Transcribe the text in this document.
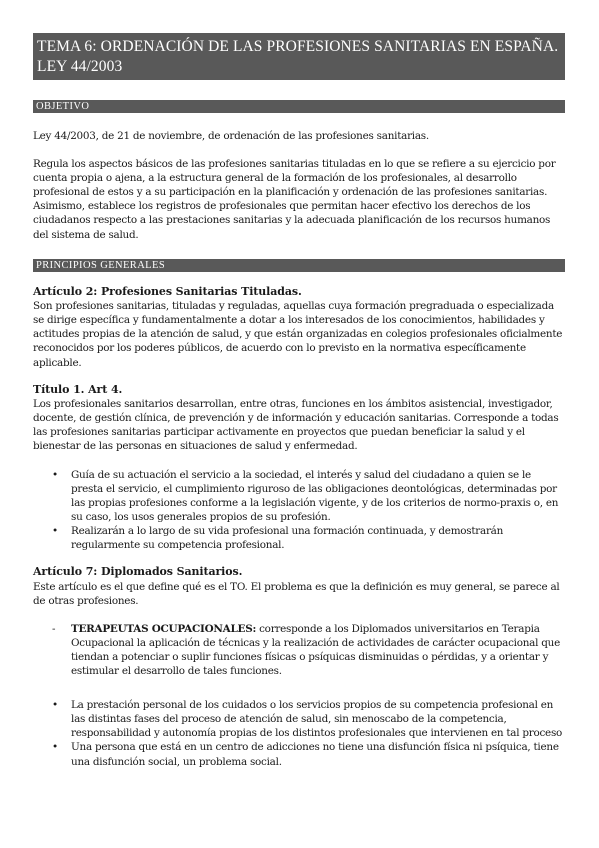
TEMA 6: ORDENACIÓN DE LAS PROFESIONES SANITARIAS EN ESPAÑA. LEY 44/2003
OBJETIVO

Ley 44/2003, de 21 de noviembre, de ordenación de las profesiones sanitarias.

Regula los aspectos básicos de las profesiones sanitarias tituladas en lo que se refiere a su ejercicio por cuenta propia o ajena, a la estructura general de la formación de los profesionales, al desarrollo profesional de estos y a su participación en la planificación y ordenación de las profesiones sanitarias. Asimismo, establece los registros de profesionales que permitan hacer efectivo los derechos de los ciudadanos respecto a las prestaciones sanitarias y la adecuada planificación de los recursos humanos del sistema de salud.

PRINCIPIOS GENERALES

Artículo 2: Profesiones Sanitarias Tituladas.

Son profesiones sanitarias, tituladas y reguladas, aquellas cuya formación pregraduada o especializada se dirige específica y fundamentalmente a dotar a los interesados de los conocimientos, habilidades y actitudes propias de la atención de salud, y que están organizadas en colegios profesionales oficialmente reconocidos por los poderes públicos, de acuerdo con lo previsto en la normativa específicamente aplicable.

Título 1. Art 4.

Los profesionales sanitarios desarrollan, entre otras, funciones en los ámbitos asistencial, investigador, docente, de gestión clínica, de prevención y de información y educación sanitarias. Corresponde a todas las profesiones sanitarias participar activamente en proyectos que puedan beneficiar la salud y el bienestar de las personas en situaciones de salud y enfermedad.

• Guía de su actuación el servicio a la sociedad, el interés y salud del ciudadano a quien se le presta el servicio, el cumplimiento riguroso de las obligaciones deontológicas, determinadas por las propias profesiones conforme a la legislación vigente, y de los criterios de normo-praxis o, en su caso, los usos generales propios de su profesión.
• Realizarán a lo largo de su vida profesional una formación continuada, y demostrarán regularmente su competencia profesional.

Artículo 7: Diplomados Sanitarios.

Este artículo es el que define qué es el TO. El problema es que la definición es muy general, se parece al de otras profesiones.

- TERAPEUTAS OCUPACIONALES: corresponde a los Diplomados universitarios en Terapia Ocupacional la aplicación de técnicas y la realización de actividades de carácter ocupacional que tiendan a potenciar o suplir funciones físicas o psíquicas disminuidas o pérdidas, y a orientar y estimular el desarrollo de tales funciones.
• La prestación personal de los cuidados o los servicios propios de su competencia profesional en las distintas fases del proceso de atención de salud, sin menoscabo de la competencia, responsabilidad y autonomía propias de los distintos profesionales que intervienen en tal proceso
• Una persona que está en un centro de adicciones no tiene una disfunción física ni psíquica, tiene una disfunción social, un problema social.
